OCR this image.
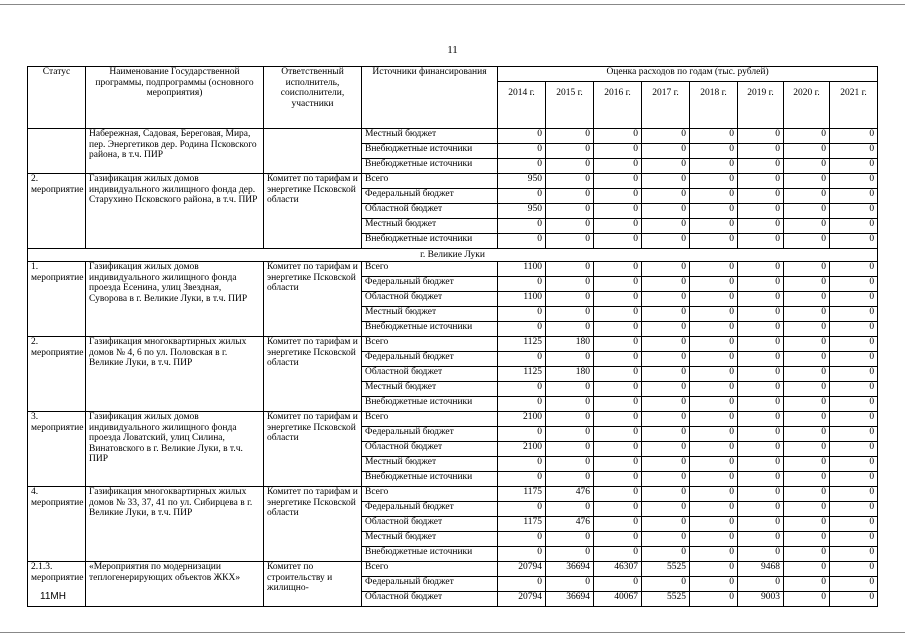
11
Статус	Наименование Государственной программы, подпрограммы (основного мероприятия)	Ответственный исполнитель, соисполнители, участники	Источники финансирования	Оценка расходов по годам (тыс. рублей)							
				2014 г.	2015 г.	2016 г.	2017 г.	2018 г.	2019 г.	2020 г.	2021 г.
	Набережная, Садовая, Береговая, Мира, пер. Энергетиков дер. Родина Псковского района, в т.ч. ПИР		Местный бюджет	0	0	0	0	0	0	0	0
			Внебюджетные источники	0	0	0	0	0	0	0	0
			Внебюджетные источники	0	0	0	0	0	0	0	0
2. мероприятие	Газификация жилых домов индивидуального жилищного фонда дер. Старухино Псковского района, в т.ч. ПИР	Комитет по тарифам и энергетике Псковской области	Всего	950	0	0	0	0	0	0	0
			Федеральный бюджет	0	0	0	0	0	0	0	0
			Областной бюджет	950	0	0	0	0	0	0	0
			Местный бюджет	0	0	0	0	0	0	0	0
			Внебюджетные источники	0	0	0	0	0	0	0	0
г. Великие Луки											
1. мероприятие	Газификация жилых домов индивидуального жилищного фонда проезда Есенина, улиц Звездная, Суворова в г. Великие Луки, в т.ч. ПИР	Комитет по тарифам и энергетике Псковской области	Всего	1100	0	0	0	0	0	0	0
			Федеральный бюджет	0	0	0	0	0	0	0	0
			Областной бюджет	1100	0	0	0	0	0	0	0
			Местный бюджет	0	0	0	0	0	0	0	0
			Внебюджетные источники	0	0	0	0	0	0	0	0
2. мероприятие	Газификация многоквартирных жилых домов № 4, 6 по ул. Половская в г. Великие Луки, в т.ч. ПИР	Комитет по тарифам и энергетике Псковской области	Всего	1125	180	0	0	0	0	0	0
			Федеральный бюджет	0	0	0	0	0	0	0	0
			Областной бюджет	1125	180	0	0	0	0	0	0
			Местный бюджет	0	0	0	0	0	0	0	0
			Внебюджетные источники	0	0	0	0	0	0	0	0
3. мероприятие	Газификация жилых домов индивидуального жилищного фонда проезда Ловатский, улиц Силина, Винатовского в г. Великие Луки, в т.ч. ПИР	Комитет по тарифам и энергетике Псковской области	Всего	2100	0	0	0	0	0	0	0
			Федеральный бюджет	0	0	0	0	0	0	0	0
			Областной бюджет	2100	0	0	0	0	0	0	0
			Местный бюджет	0	0	0	0	0	0	0	0
			Внебюджетные источники	0	0	0	0	0	0	0	0
4. мероприятие	Газификация многоквартирных жилых домов № 33, 37, 41 по ул. Сибирцева в г. Великие Луки, в т.ч. ПИР	Комитет по тарифам и энергетике Псковской области	Всего	1175	476	0	0	0	0	0	0
			Федеральный бюджет	0	0	0	0	0	0	0	0
			Областной бюджет	1175	476	0	0	0	0	0	0
			Местный бюджет	0	0	0	0	0	0	0	0
			Внебюджетные источники	0	0	0	0	0	0	0	0
2.1.3. мероприятие	«Мероприятия по модернизации теплогенерирующих объектов ЖКХ»	Комитет по строительству и жилищно-	Всего	20794	36694	46307	5525	0	9468	0	0
			Федеральный бюджет	0	0	0	0	0	0	0	0
			Областной бюджет	20794	36694	40067	5525	0	9003	0	0
11МН
